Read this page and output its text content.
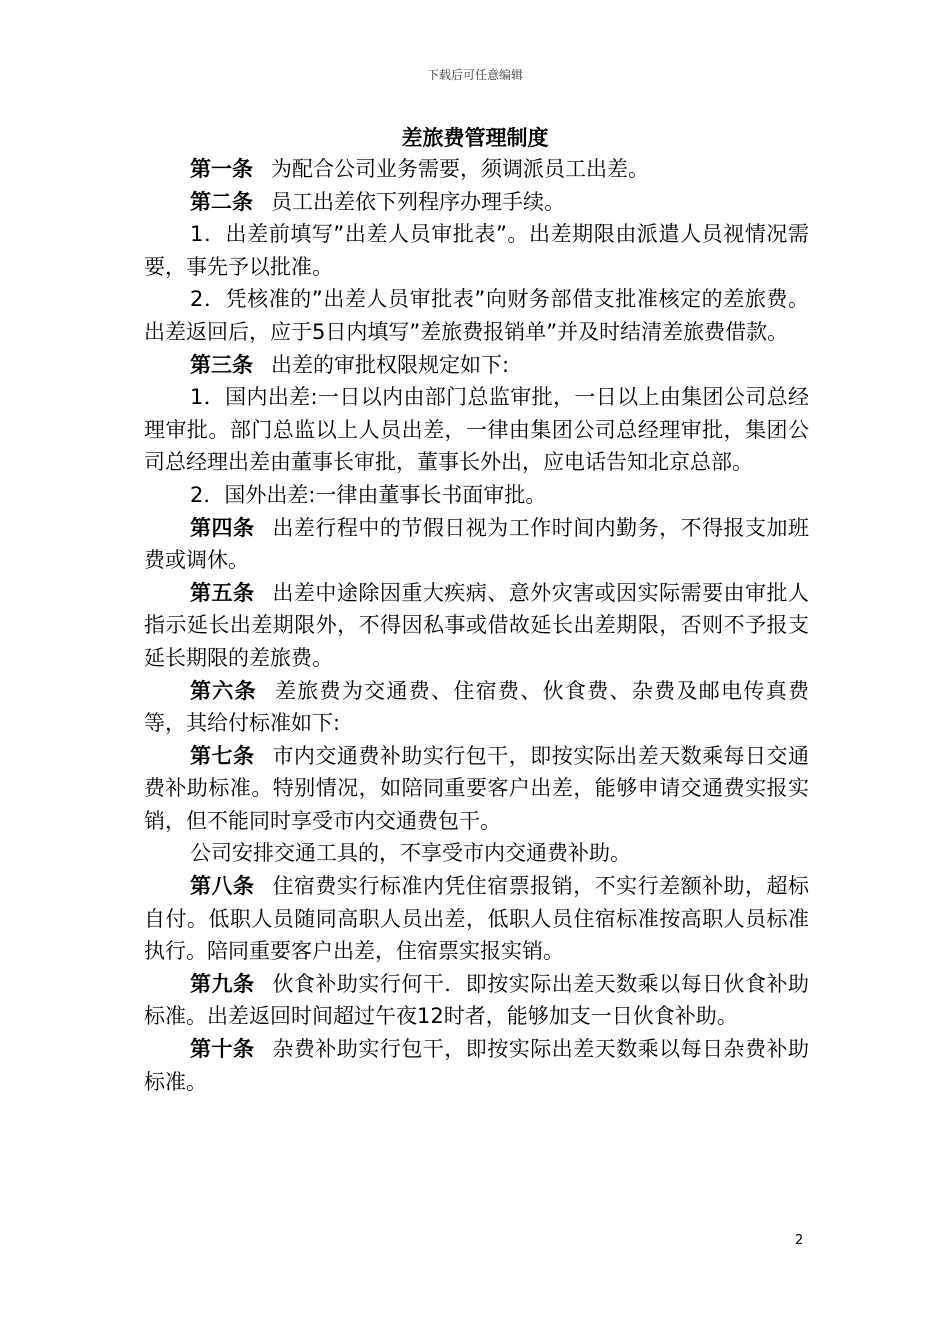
下载后可任意编辑
差旅费管理制度

第一条 为配合公司业务需要，须调派员工出差。

第二条 员工出差依下列程序办理手续。

1．出差前填写”出差人员审批表”。出差期限由派遣人员视情况需要，事先予以批准。

2．凭核准的”出差人员审批表”向财务部借支批准核定的差旅费。出差返回后，应于5日内填写”差旅费报销单”并及时结清差旅费借款。

第三条 出差的审批权限规定如下:

1．国内出差:一日以内由部门总监审批，一日以上由集团公司总经理审批。部门总监以上人员出差，一律由集团公司总经理审批，集团公司总经理出差由董事长审批，董事长外出，应电话告知北京总部。

2．国外出差:一律由董事长书面审批。

第四条 出差行程中的节假日视为工作时间内勤务，不得报支加班费或调休。

第五条 出差中途除因重大疾病、意外灾害或因实际需要由审批人指示延长出差期限外，不得因私事或借故延长出差期限，否则不予报支延长期限的差旅费。

第六条 差旅费为交通费、住宿费、伙食费、杂费及邮电传真费等，其给付标准如下:

第七条 市内交通费补助实行包干，即按实际出差天数乘每日交通费补助标准。特别情况，如陪同重要客户出差，能够申请交通费实报实销，但不能同时享受市内交通费包干。

公司安排交通工具的，不享受市内交通费补助。

第八条 住宿费实行标准内凭住宿票报销，不实行差额补助，超标自付。低职人员随同高职人员出差，低职人员住宿标准按高职人员标准执行。陪同重要客户出差，住宿票实报实销。

第九条 伙食补助实行何干．即按实际出差天数乘以每日伙食补助标准。出差返回时间超过午夜12时者，能够加支一日伙食补助。

第十条 杂费补助实行包干，即按实际出差天数乘以每日杂费补助标准。

2
